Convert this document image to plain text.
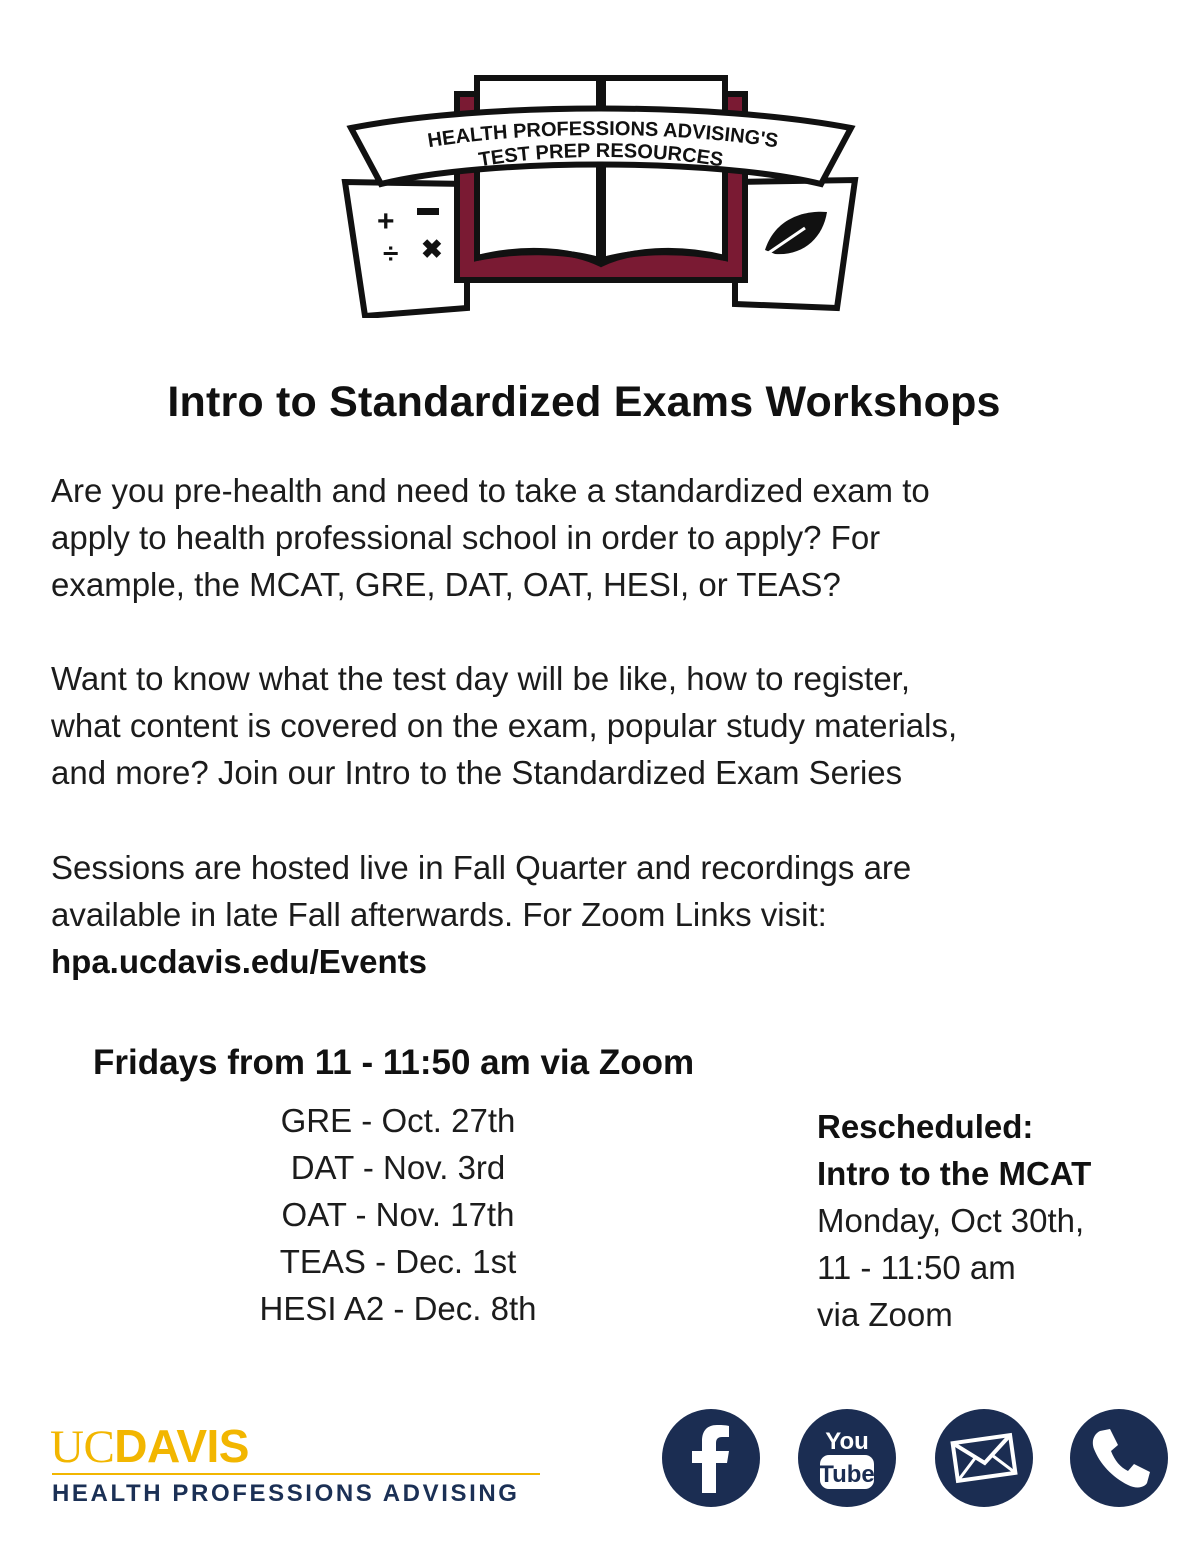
+
÷ ✖
HEALTH PROFESSIONS ADVISING'S
TEST PREP RESOURCES
Intro to Standardized Exams Workshops
Are you pre-health and need to take a standardized exam to
apply to health professional school in order to apply? For
example, the MCAT, GRE, DAT, OAT, HESI, or TEAS?
Want to know what the test day will be like, how to register,
what content is covered on the exam, popular study materials,
and more? Join our Intro to the Standardized Exam Series
Sessions are hosted live in Fall Quarter and recordings are
available in late Fall afterwards. For Zoom Links visit:
hpa.ucdavis.edu/Events
Fridays from 11 - 11:50 am via Zoom
GRE - Oct. 27th
DAT - Nov. 3rd
OAT - Nov. 17th
TEAS - Dec. 1st
HESI A2 - Dec. 8th
Rescheduled:
Intro to the MCAT
Monday, Oct 30th,
11 - 11:50 am
via Zoom
UCDAVIS
HEALTH PROFESSIONS ADVISING
You
Tube
